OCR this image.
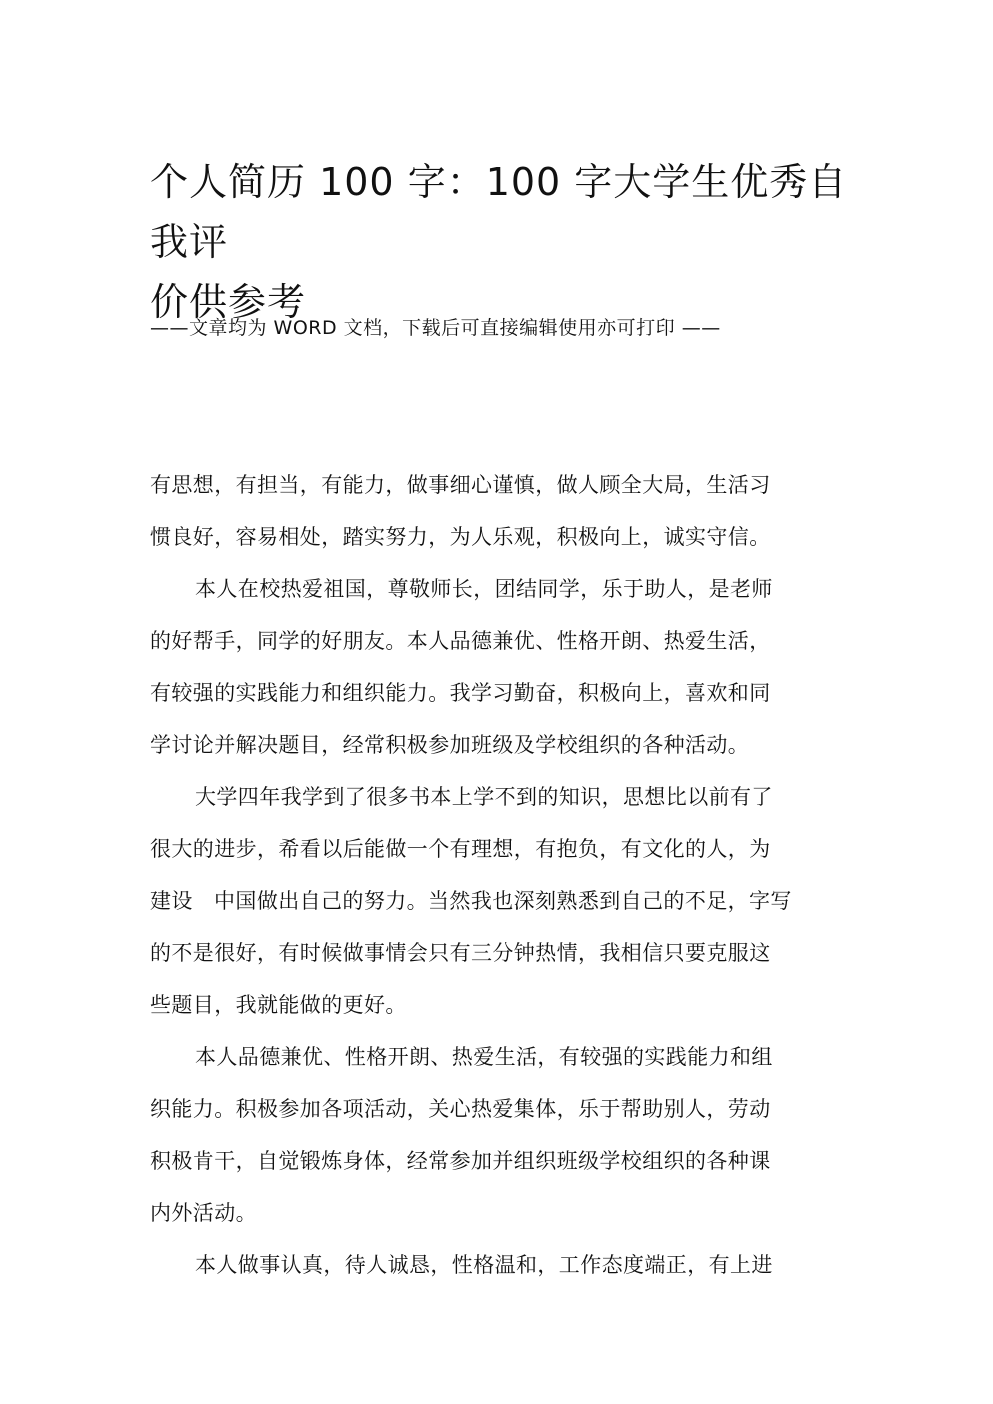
个人简历 100 字：100 字大学生优秀自我评
价供参考

——文章均为 WORD 文档，下载后可直接编辑使用亦可打印 ——

有思想，有担当，有能力，做事细心谨慎，做人顾全大局，生活习
惯良好，容易相处，踏实努力，为人乐观，积极向上，诚实守信。
本人在校热爱祖国，尊敬师长，团结同学，乐于助人，是老师
的好帮手，同学的好朋友。本人品德兼优、性格开朗、热爱生活，
有较强的实践能力和组织能力。我学习勤奋，积极向上，喜欢和同
学讨论并解决题目，经常积极参加班级及学校组织的各种活动。
大学四年我学到了很多书本上学不到的知识，思想比以前有了
很大的进步，希看以后能做一个有理想，有抱负，有文化的人，为
建设   中国做出自己的努力。当然我也深刻熟悉到自己的不足，字写
的不是很好，有时候做事情会只有三分钟热情，我相信只要克服这
些题目，我就能做的更好。
本人品德兼优、性格开朗、热爱生活，有较强的实践能力和组
织能力。积极参加各项活动，关心热爱集体，乐于帮助别人，劳动
积极肯干，自觉锻炼身体，经常参加并组织班级学校组织的各种课
内外活动。
本人做事认真，待人诚恳，性格温和，工作态度端正，有上进
